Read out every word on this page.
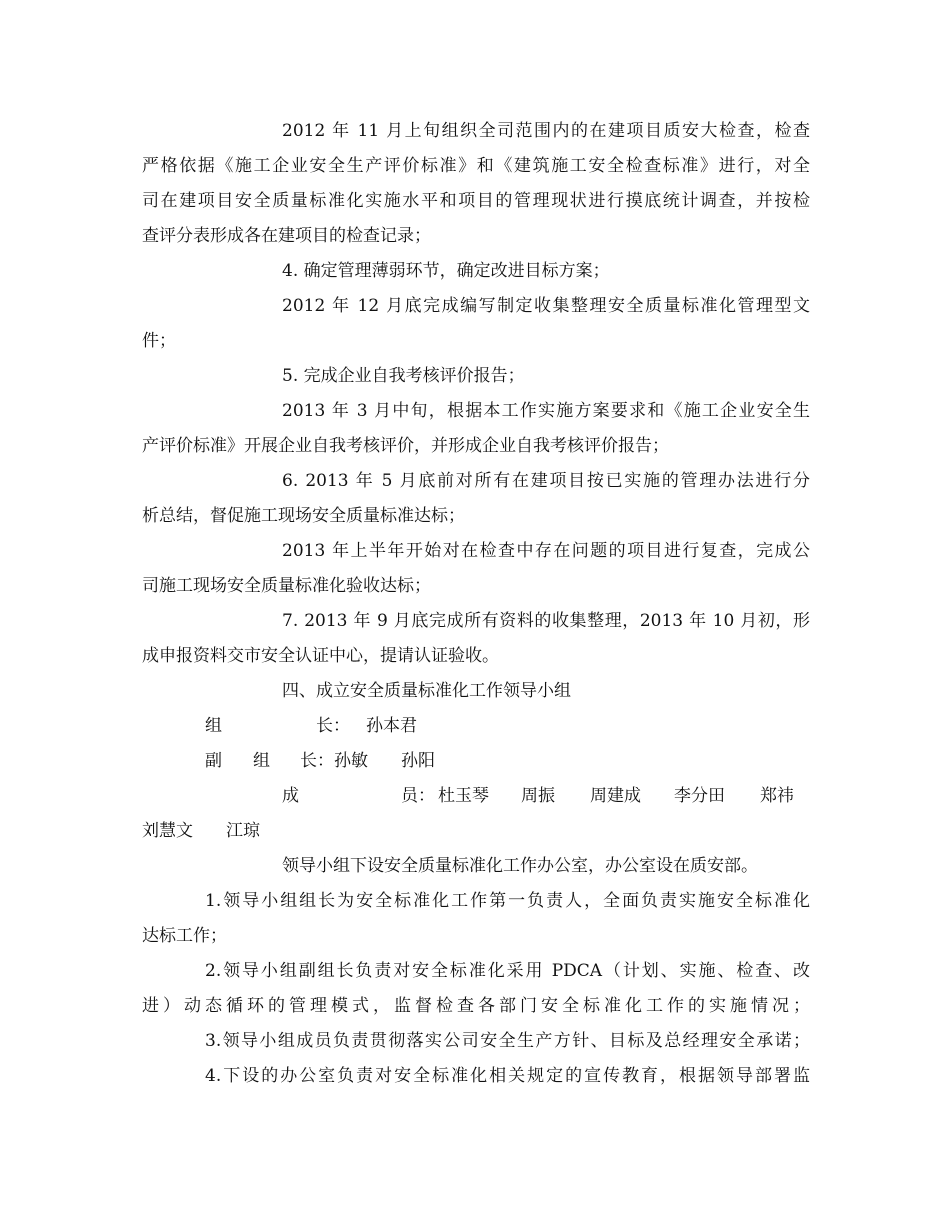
2012 年 11 月上旬组织全司范围内的在建项目质安大检查，检查
严格依据《施工企业安全生产评价标准》和《建筑施工安全检查标准》进行，对全
司在建项目安全质量标准化实施水平和项目的管理现状进行摸底统计调查，并按检
查评分表形成各在建项目的检查记录；
4. 确定管理薄弱环节，确定改进目标方案；
2012 年 12 月底完成编写制定收集整理安全质量标准化管理型文
件；
5. 完成企业自我考核评价报告；
2013 年 3 月中旬，根据本工作实施方案要求和《施工企业安全生
产评价标准》开展企业自我考核评价，并形成企业自我考核评价报告；
6. 2013 年 5 月底前对所有在建项目按已实施的管理办法进行分
析总结，督促施工现场安全质量标准达标；
2013 年上半年开始对在检查中存在问题的项目进行复查，完成公
司施工现场安全质量标准化验收达标；
7. 2013 年 9 月底完成所有资料的收集整理，2013 年 10 月初，形
成申报资料交市安全认证中心，提请认证验收。
四、成立安全质量标准化工作领导小组
组	长： 孙本君
副 组 长： 孙敏 孙阳
成	员： 杜玉琴 周振 周建成 李分田 郑祎
刘慧文 江琼
领导小组下设安全质量标准化工作办公室，办公室设在质安部。
1.领导小组组长为安全标准化工作第一负责人，全面负责实施安全标准化
达标工作；
2.领导小组副组长负责对安全标准化采用 PDCA（计划、实施、检查、改
进）动态循环的管理模式，监督检查各部门安全标准化工作的实施情况；
3.领导小组成员负责贯彻落实公司安全生产方针、目标及总经理安全承诺；
4.下设的办公室负责对安全标准化相关规定的宣传教育，根据领导部署监
